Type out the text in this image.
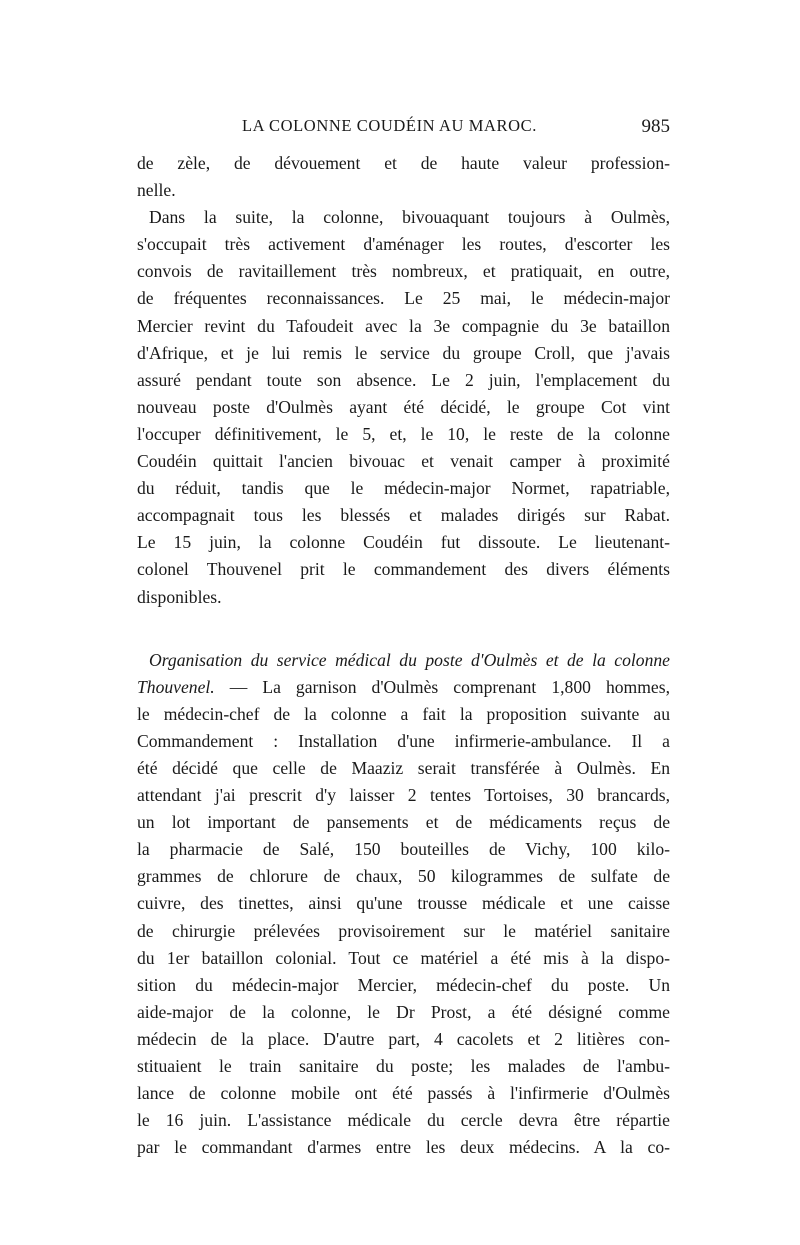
LA COLONNE COUDÉIN AU MAROC.	985
de zèle, de dévouement et de haute valeur profession-
nelle.
Dans la suite, la colonne, bivouaquant toujours à Oulmès,
s'occupait très activement d'aménager les routes, d'escorter les
convois de ravitaillement très nombreux, et pratiquait, en outre,
de fréquentes reconnaissances. Le 25 mai, le médecin-major
Mercier revint du Tafoudeit avec la 3e compagnie du 3e bataillon
d'Afrique, et je lui remis le service du groupe Croll, que j'avais
assuré pendant toute son absence. Le 2 juin, l'emplacement du
nouveau poste d'Oulmès ayant été décidé, le groupe Cot vint
l'occuper définitivement, le 5, et, le 10, le reste de la colonne
Coudéin quittait l'ancien bivouac et venait camper à proximité
du réduit, tandis que le médecin-major Normet, rapatriable,
accompagnait tous les blessés et malades dirigés sur Rabat.
Le 15 juin, la colonne Coudéin fut dissoute. Le lieutenant-
colonel Thouvenel prit le commandement des divers éléments
disponibles.
Organisation du service médical du poste d'Oulmès et de la colonne
Thouvenel. — La garnison d'Oulmès comprenant 1,800 hommes,
le médecin-chef de la colonne a fait la proposition suivante au
Commandement : Installation d'une infirmerie-ambulance. Il a
été décidé que celle de Maaziz serait transférée à Oulmès. En
attendant j'ai prescrit d'y laisser 2 tentes Tortoises, 30 brancards,
un lot important de pansements et de médicaments reçus de
la pharmacie de Salé, 150 bouteilles de Vichy, 100 kilo-
grammes de chlorure de chaux, 50 kilogrammes de sulfate de
cuivre, des tinettes, ainsi qu'une trousse médicale et une caisse
de chirurgie prélevées provisoirement sur le matériel sanitaire
du 1er bataillon colonial. Tout ce matériel a été mis à la dispo-
sition du médecin-major Mercier, médecin-chef du poste. Un
aide-major de la colonne, le Dr Prost, a été désigné comme
médecin de la place. D'autre part, 4 cacolets et 2 litières con-
stituaient le train sanitaire du poste; les malades de l'ambu-
lance de colonne mobile ont été passés à l'infirmerie d'Oulmès
le 16 juin. L'assistance médicale du cercle devra être répartie
par le commandant d'armes entre les deux médecins. A la co-
